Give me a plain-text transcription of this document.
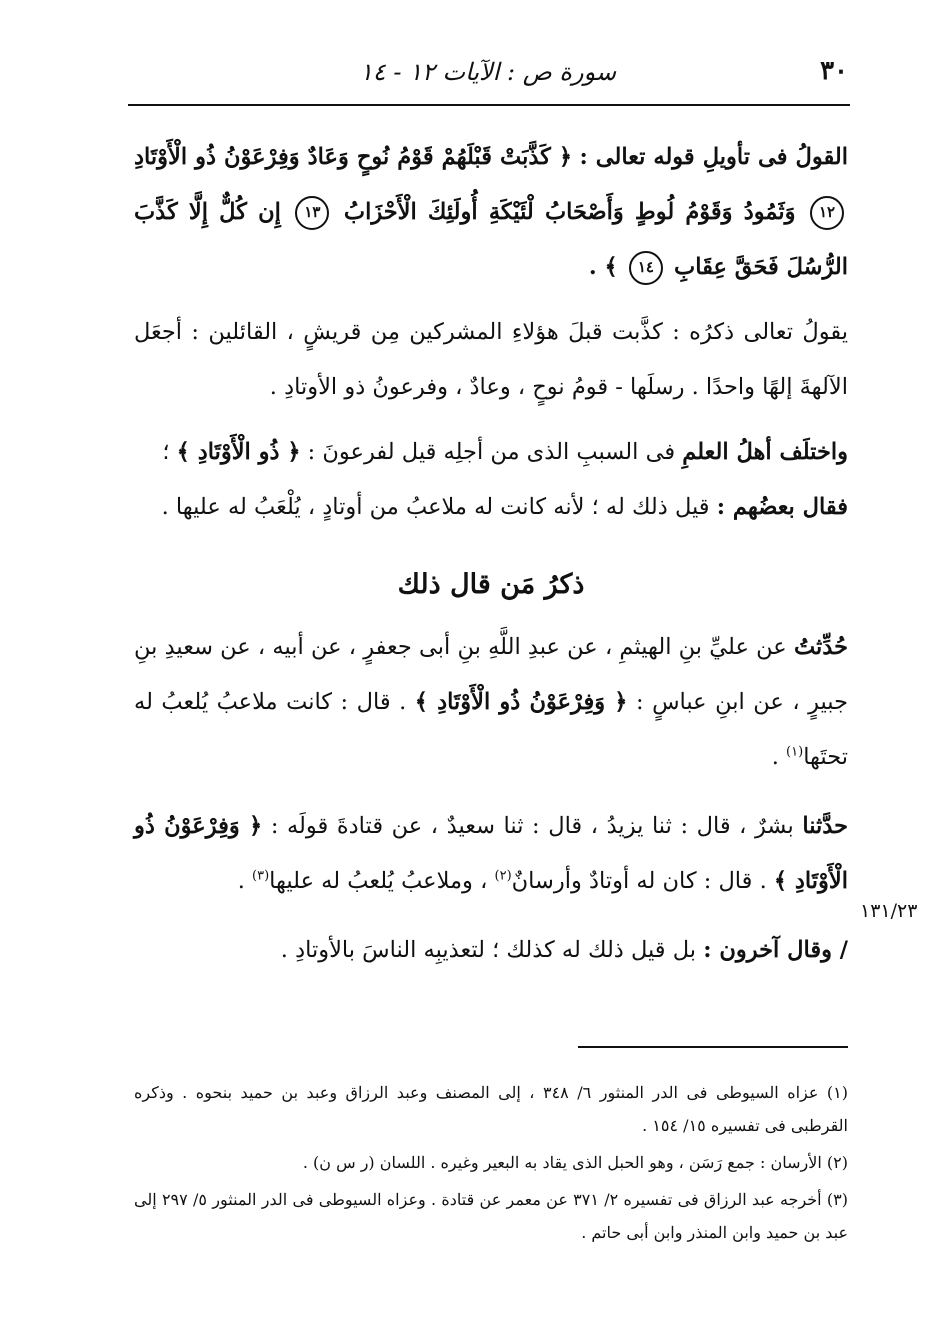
٣٠
سورة ص : الآيات ١٢ - ١٤

القولُ فى تأويلِ قوله تعالى : ﴿ كَذَّبَتْ قَبْلَهُمْ قَوْمُ نُوحٍ وَعَادٌ وَفِرْعَوْنُ ذُو الْأَوْتَادِ ١٢ وَثَمُودُ وَقَوْمُ لُوطٍ وَأَصْحَابُ لْئَيْكَةِ أُولَئِكَ الْأَحْزَابُ ١٣ إِن كُلٌّ إِلَّا كَذَّبَ الرُّسُلَ فَحَقَّ عِقَابِ ١٤ ﴾ .

يقولُ تعالى ذكرُه : كذَّبت قبلَ هؤلاءِ المشركين مِن قريشٍ ، القائلين : أجعَل الآلهةَ إلهًا واحدًا . رسلَها - قومُ نوحٍ ، وعادٌ ، وفرعونُ ذو الأوتادِ .

واختلَف أهلُ العلمِ فى السببِ الذى من أجلِه قيل لفرعونَ : ﴿ ذُو الْأَوْتَادِ ﴾ ؛

فقال بعضُهم : قيل ذلك له ؛ لأنه كانت له ملاعبُ من أوتادٍ ، يُلْعَبُ له عليها .

ذكرُ مَن قال ذلك

حُدِّثتُ عن عليِّ بنِ الهيثمِ ، عن عبدِ اللَّهِ بنِ أبى جعفرٍ ، عن أبيه ، عن سعيدِ بنِ جبيرٍ ، عن ابنِ عباسٍ : ﴿ وَفِرْعَوْنُ ذُو الْأَوْتَادِ ﴾ . قال : كانت ملاعبُ يُلعبُ له تحتَها$^{(١)}$ .

حدَّثنا بشرٌ ، قال : ثنا يزيدُ ، قال : ثنا سعيدٌ ، عن قتادةَ قولَه : ﴿ وَفِرْعَوْنُ ذُو الْأَوْتَادِ ﴾ . قال : كان له أوتادٌ وأرسانٌ$^{(٢)}$ ، وملاعبُ يُلعبُ له عليها$^{(٣)}$ .

/ وقال آخرون : بل قيل ذلك له كذلك ؛ لتعذيبِه الناسَ بالأوتادِ .

١٣١/٢٣

(١) عزاه السيوطى فى الدر المنثور ٦/ ٣٤٨ ، إلى المصنف وعبد الرزاق وعبد بن حميد بنحوه . وذكره القرطبى فى تفسيره ١٥/ ١٥٤ .

(٢) الأرسان : جمع رَسَن ، وهو الحبل الذى يقاد به البعير وغيره . اللسان (ر س ن) .

(٣) أخرجه عبد الرزاق فى تفسيره ٢/ ٣٧١ عن معمر عن قتادة . وعزاه السيوطى فى الدر المنثور ٥/ ٢٩٧ إلى عبد بن حميد وابن المنذر وابن أبى حاتم .
